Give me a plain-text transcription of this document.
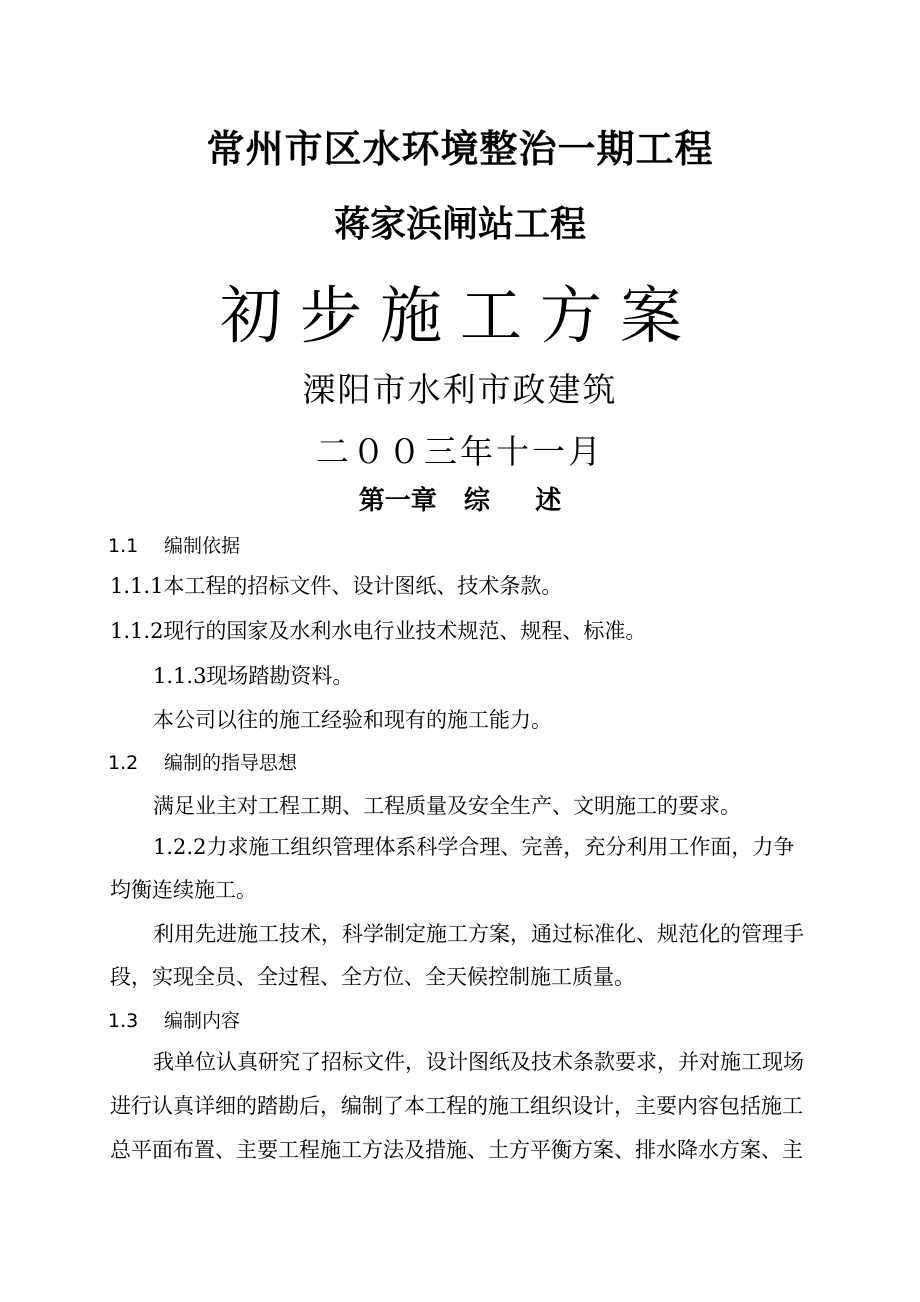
常州市区水环境整治一期工程
蒋家浜闸站工程
初步施工方案
溧阳市水利市政建筑
二００三年十一月
第一章   综     述
1.1 编制依据
1.1.1本工程的招标文件、设计图纸、技术条款。
1.1.2现行的国家及水利水电行业技术规范、规程、标准。
1.1.3现场踏勘资料。
本公司以往的施工经验和现有的施工能力。
1.2 编制的指导思想
满足业主对工程工期、工程质量及安全生产、文明施工的要求。
1.2.2力求施工组织管理体系科学合理、完善，充分利用工作面，力争
均衡连续施工。
利用先进施工技术，科学制定施工方案，通过标准化、规范化的管理手
段，实现全员、全过程、全方位、全天候控制施工质量。
1.3 编制内容
我单位认真研究了招标文件，设计图纸及技术条款要求，并对施工现场
进行认真详细的踏勘后，编制了本工程的施工组织设计，主要内容包括施工
总平面布置、主要工程施工方法及措施、土方平衡方案、排水降水方案、主
